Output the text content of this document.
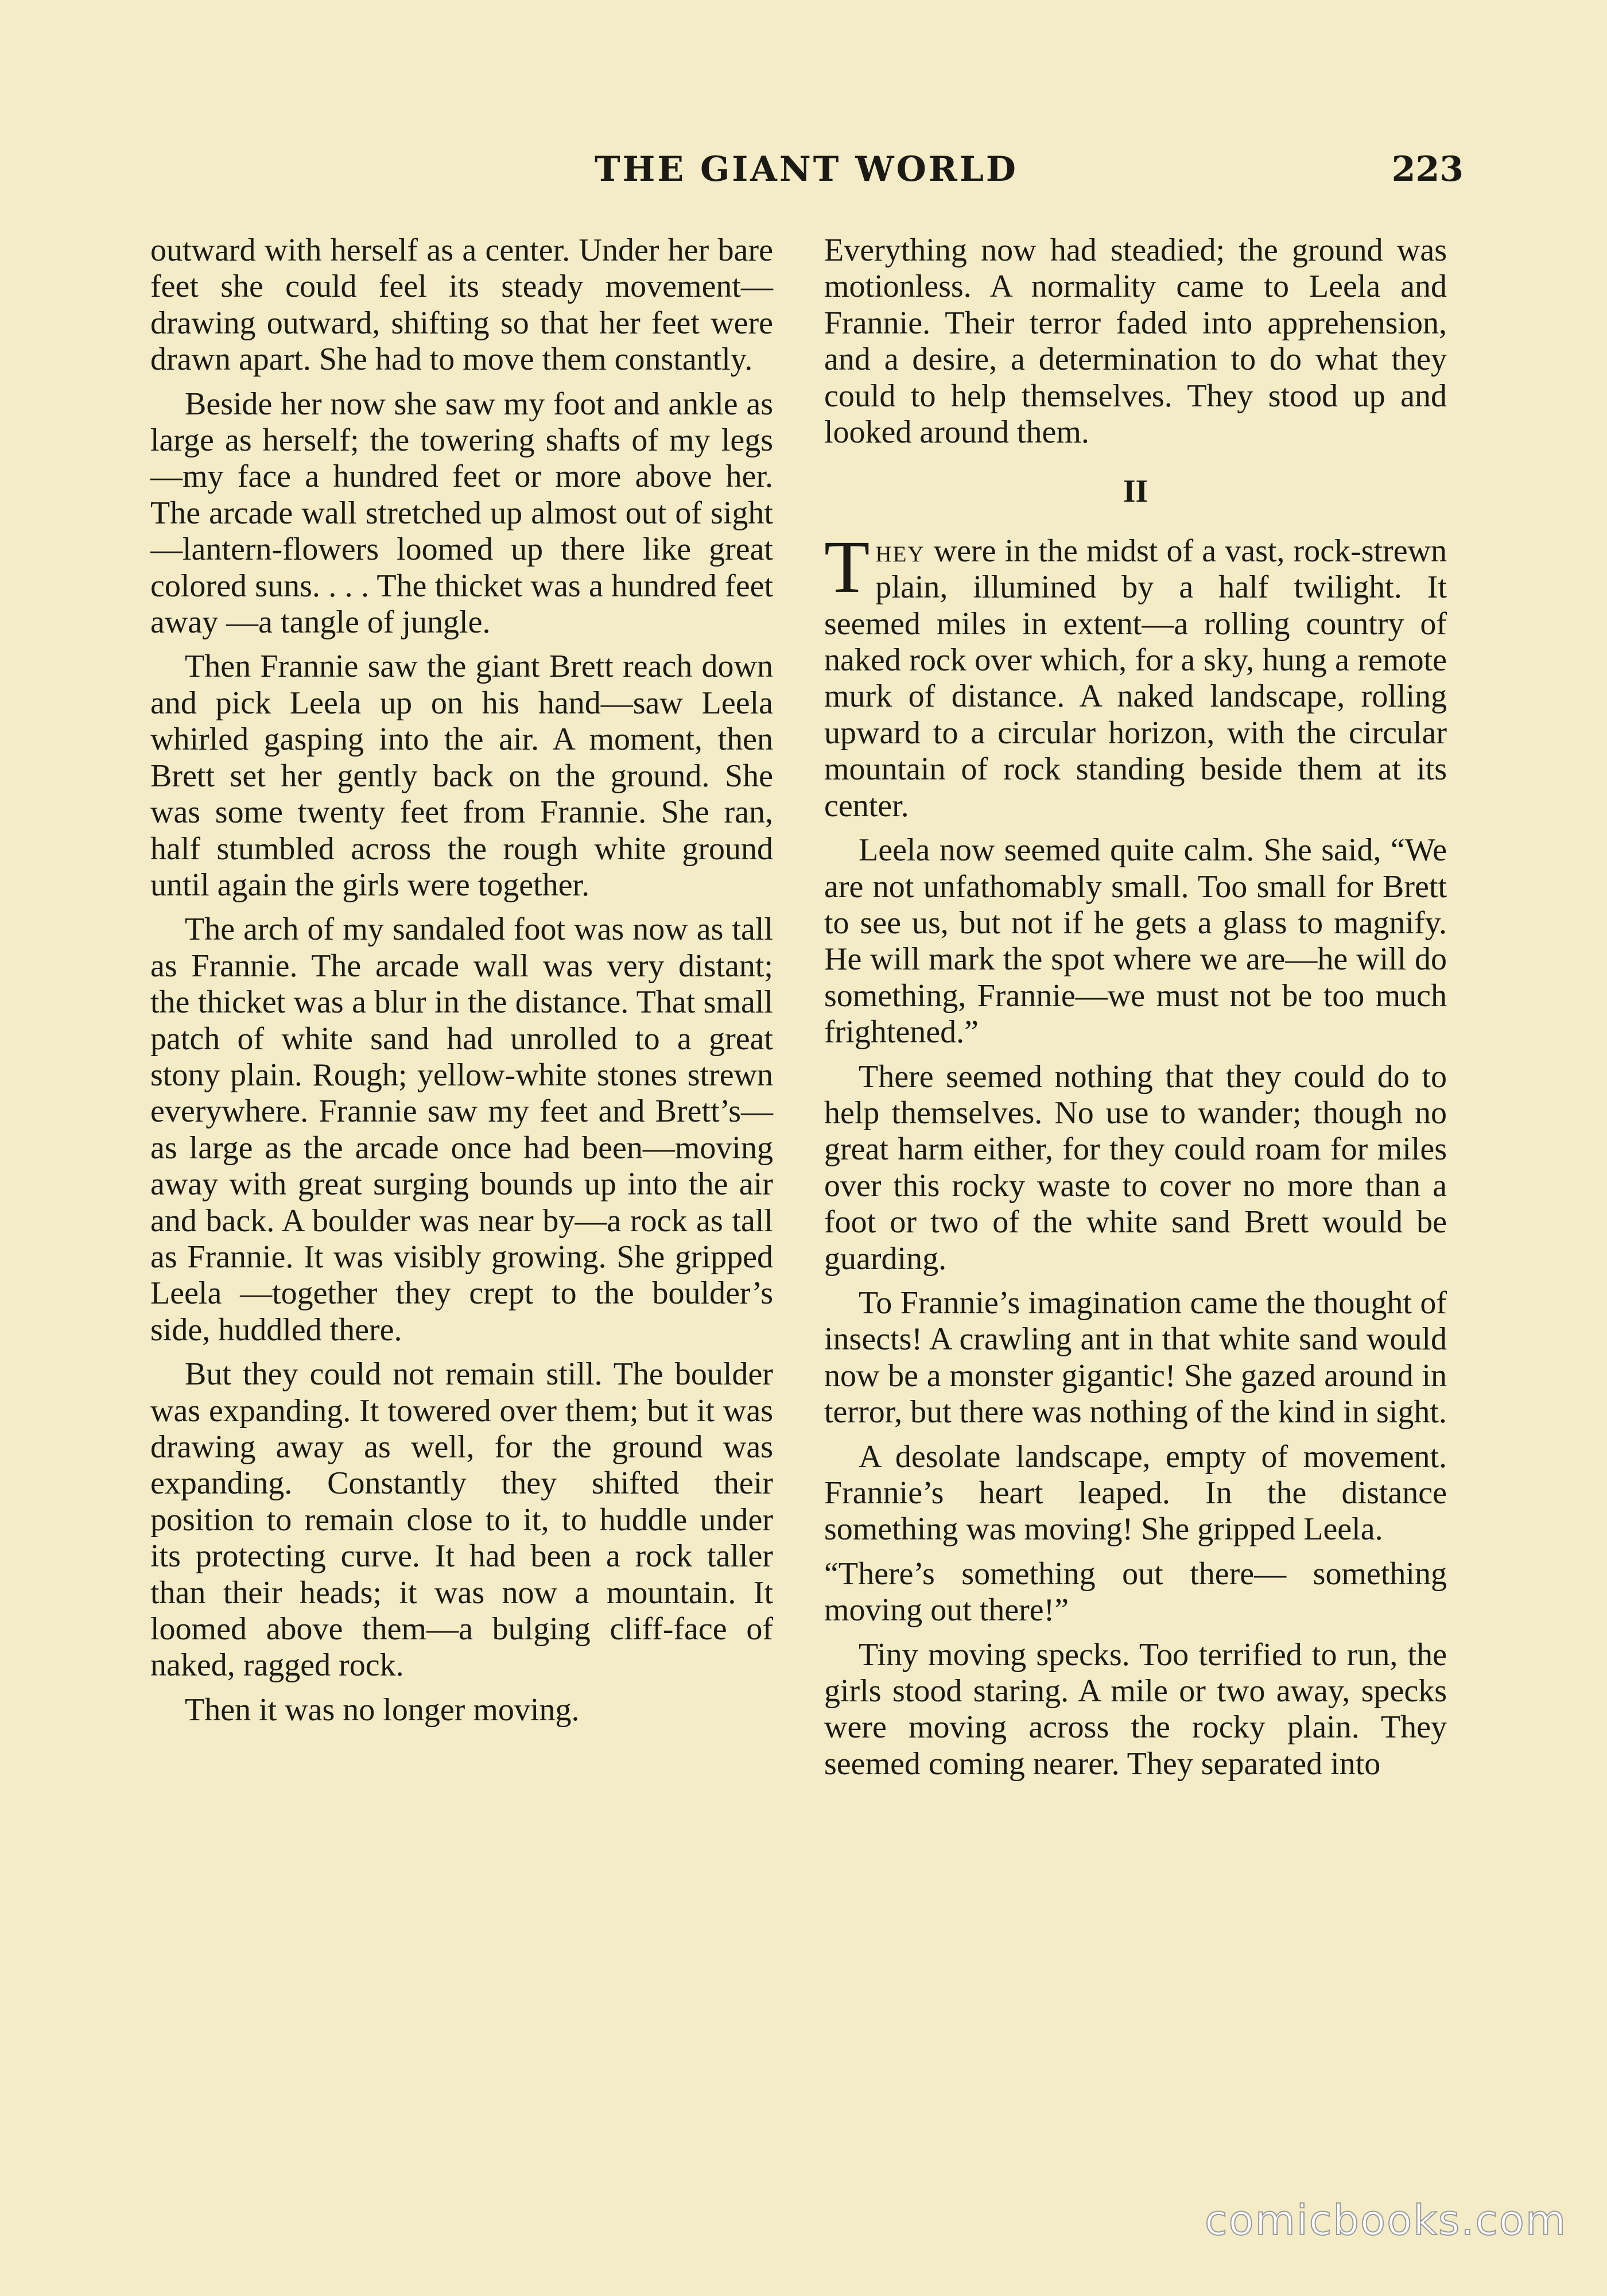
THE GIANT WORLD	223

outward with herself as a center. Under her bare feet she could feel its steady movement—drawing outward, shifting so that her feet were drawn apart. She had to move them constantly.

Beside her now she saw my foot and ankle as large as herself; the towering shafts of my legs—my face a hundred feet or more above her. The arcade wall stretched up almost out of sight—lantern-flowers loomed up there like great colored suns. . . . The thicket was a hundred feet away —a tangle of jungle.

Then Frannie saw the giant Brett reach down and pick Leela up on his hand—saw Leela whirled gasping into the air. A moment, then Brett set her gently back on the ground. She was some twenty feet from Frannie. She ran, half stumbled across the rough white ground until again the girls were together.

The arch of my sandaled foot was now as tall as Frannie. The arcade wall was very distant; the thicket was a blur in the distance. That small patch of white sand had unrolled to a great stony plain. Rough; yellow-white stones strewn everywhere. Frannie saw my feet and Brett’s—as large as the arcade once had been—moving away with great surging bounds up into the air and back. A boulder was near by—a rock as tall as Frannie. It was visibly growing. She gripped Leela —together they crept to the boulder’s side, huddled there.

But they could not remain still. The boulder was expanding. It towered over them; but it was drawing away as well, for the ground was expanding. Constantly they shifted their position to remain close to it, to huddle under its protecting curve. It had been a rock taller than their heads; it was now a mountain. It loomed above them—a bulging cliff-face of naked, ragged rock.

Then it was no longer moving.

Everything now had steadied; the ground was motionless. A normality came to Leela and Frannie. Their terror faded into apprehension, and a desire, a determination to do what they could to help themselves. They stood up and looked around them.

II

They were in the midst of a vast, rock-strewn plain, illumined by a half twilight. It seemed miles in extent—a rolling country of naked rock over which, for a sky, hung a remote murk of distance. A naked landscape, rolling upward to a circular horizon, with the circular mountain of rock standing beside them at its center.

Leela now seemed quite calm. She said, “We are not unfathomably small. Too small for Brett to see us, but not if he gets a glass to magnify. He will mark the spot where we are—he will do something, Frannie—we must not be too much frightened.”

There seemed nothing that they could do to help themselves. No use to wander; though no great harm either, for they could roam for miles over this rocky waste to cover no more than a foot or two of the white sand Brett would be guarding.

To Frannie’s imagination came the thought of insects! A crawling ant in that white sand would now be a monster gigantic! She gazed around in terror, but there was nothing of the kind in sight.

A desolate landscape, empty of movement. Frannie’s heart leaped. In the distance something was moving! She gripped Leela.

“There’s something out there— something moving out there!”

Tiny moving specks. Too terrified to run, the girls stood staring. A mile or two away, specks were moving across the rocky plain. They seemed coming nearer. They separated into

comicbooks.com
